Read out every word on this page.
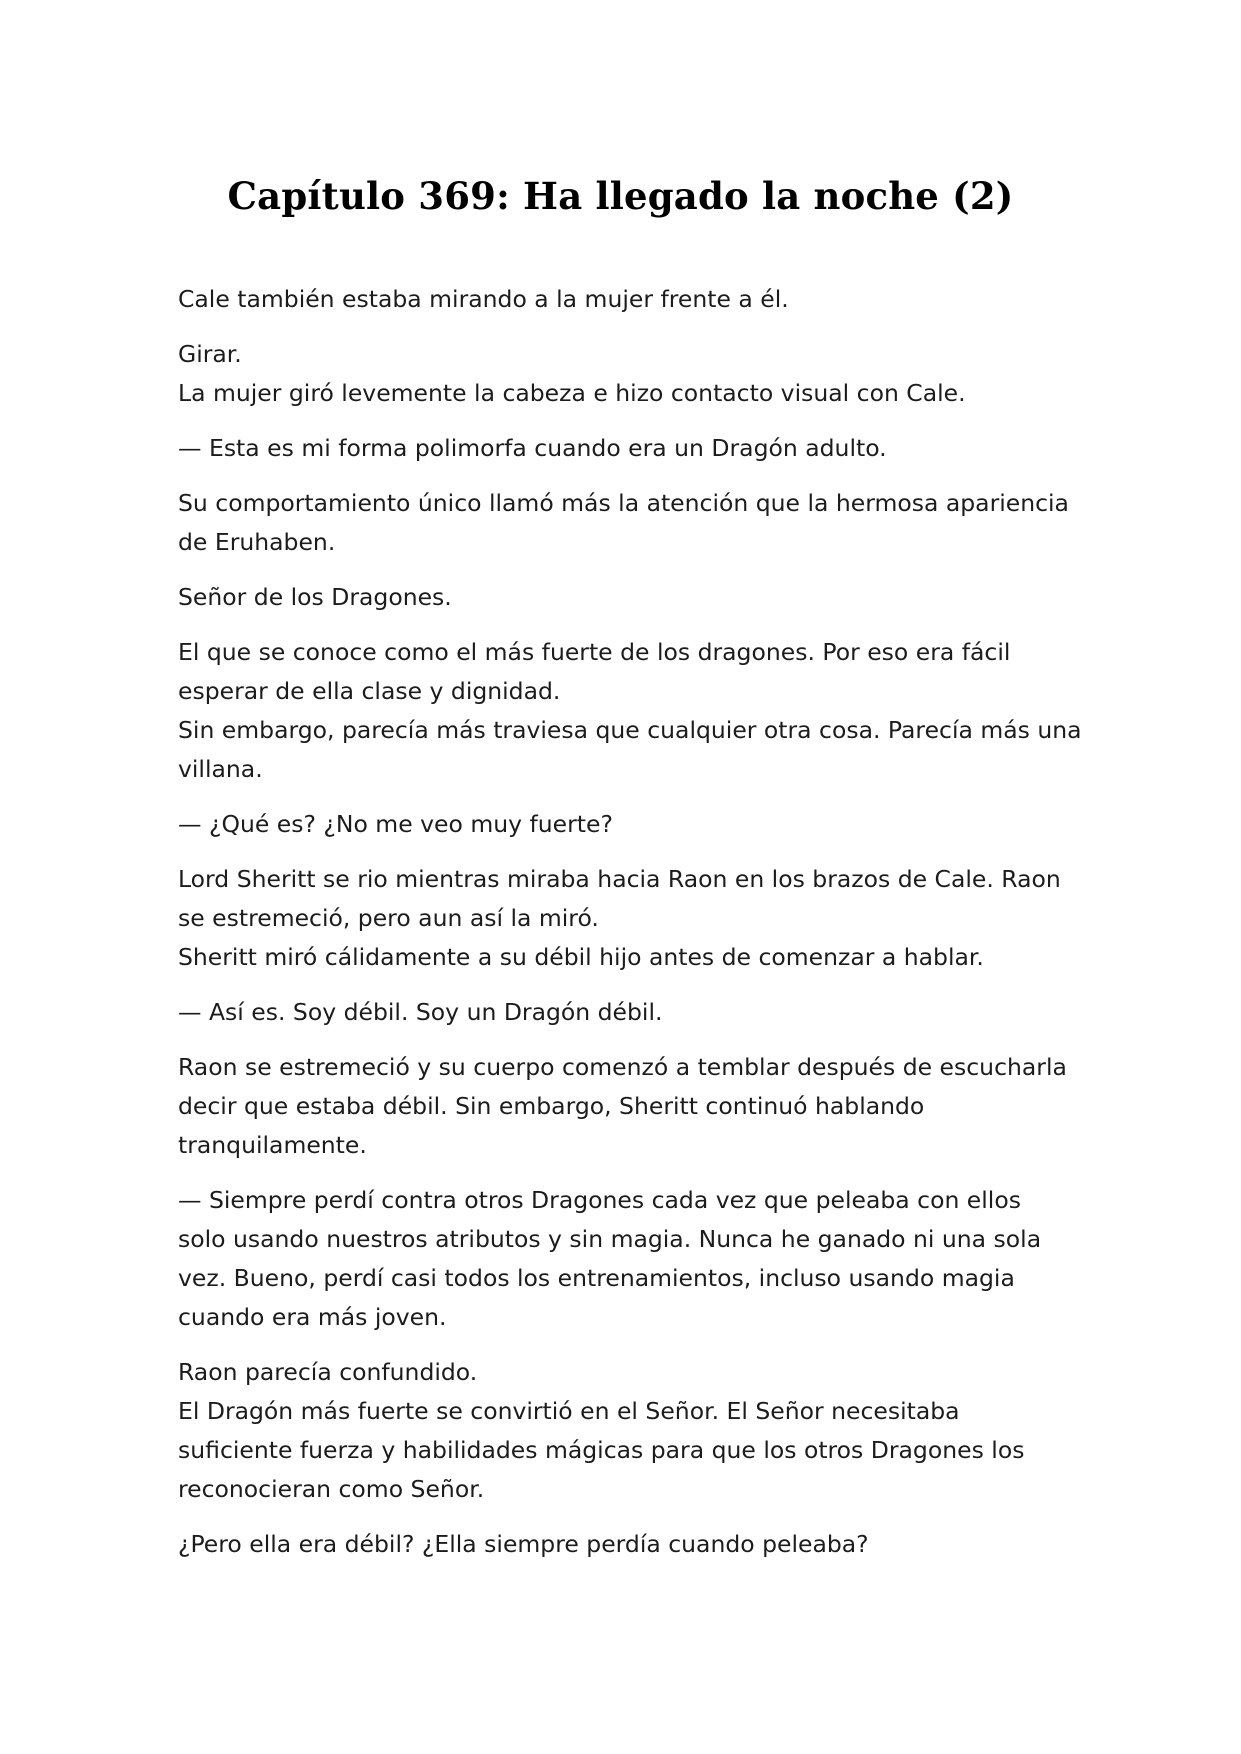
Capítulo 369: Ha llegado la noche (2)

Cale también estaba mirando a la mujer frente a él.

Girar.
La mujer giró levemente la cabeza e hizo contacto visual con Cale.

— Esta es mi forma polimorfa cuando era un Dragón adulto.

Su comportamiento único llamó más la atención que la hermosa apariencia
de Eruhaben.

Señor de los Dragones.

El que se conoce como el más fuerte de los dragones. Por eso era fácil
esperar de ella clase y dignidad.
Sin embargo, parecía más traviesa que cualquier otra cosa. Parecía más una
villana.

— ¿Qué es? ¿No me veo muy fuerte?

Lord Sheritt se rio mientras miraba hacia Raon en los brazos de Cale. Raon
se estremeció, pero aun así la miró.
Sheritt miró cálidamente a su débil hijo antes de comenzar a hablar.

— Así es. Soy débil. Soy un Dragón débil.

Raon se estremeció y su cuerpo comenzó a temblar después de escucharla
decir que estaba débil. Sin embargo, Sheritt continuó hablando
tranquilamente.

— Siempre perdí contra otros Dragones cada vez que peleaba con ellos
solo usando nuestros atributos y sin magia. Nunca he ganado ni una sola
vez. Bueno, perdí casi todos los entrenamientos, incluso usando magia
cuando era más joven.

Raon parecía confundido.
El Dragón más fuerte se convirtió en el Señor. El Señor necesitaba
suficiente fuerza y habilidades mágicas para que los otros Dragones los
reconocieran como Señor.

¿Pero ella era débil? ¿Ella siempre perdía cuando peleaba?
